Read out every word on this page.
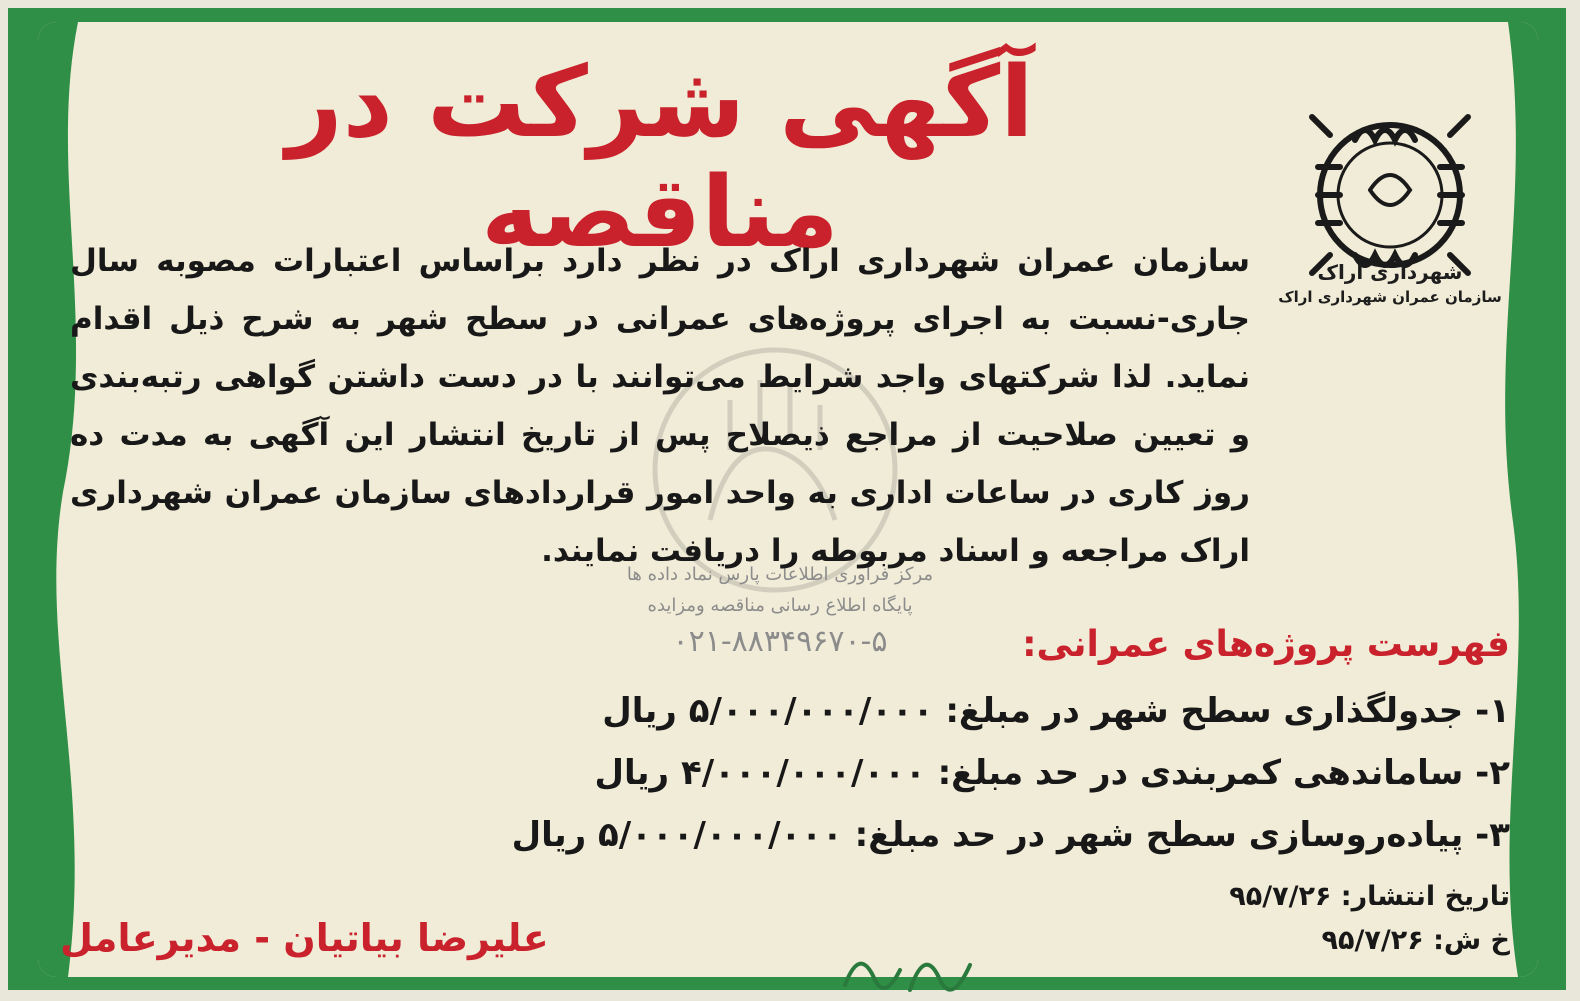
آگهی شرکت در مناقصه
شهرداری اراک
سازمان عمران شهرداری اراک
مرکز فراوری اطلاعات پارس نماد داده ها
پایگاه اطلاع رسانی مناقصه ومزایده
۰۲۱-۸۸۳۴۹۶۷۰-۵
سازمان عمران شهرداری اراک در نظر دارد براساس اعتبارات مصوبه سال جاری-نسبت به اجرای پروژه‌های عمرانی در سطح شهر به شرح ذیل اقدام نماید. لذا شرکتهای واجد شرایط می‌توانند با در دست داشتن گواهی رتبه‌بندی و تعیین صلاحیت از مراجع ذیصلاح پس از تاریخ انتشار این آگهی به مدت ده روز کاری در ساعات اداری به واحد امور قراردادهای سازمان عمران شهرداری اراک مراجعه و اسناد مربوطه را دریافت نمایند.
فهرست پروژه‌های عمرانی:
۱- جدولگذاری سطح شهر در مبلغ: ۵/۰۰۰/۰۰۰/۰۰۰ ریال
۲- ساماندهی کمربندی در حد مبلغ: ۴/۰۰۰/۰۰۰/۰۰۰ ریال
۳- پیاده‌روسازی سطح شهر در حد مبلغ: ۵/۰۰۰/۰۰۰/۰۰۰ ریال
تاریخ انتشار: ۹۵/۷/۲۶
خ ش: ۹۵/۷/۲۶
علیرضا بیاتیان - مدیرعامل
